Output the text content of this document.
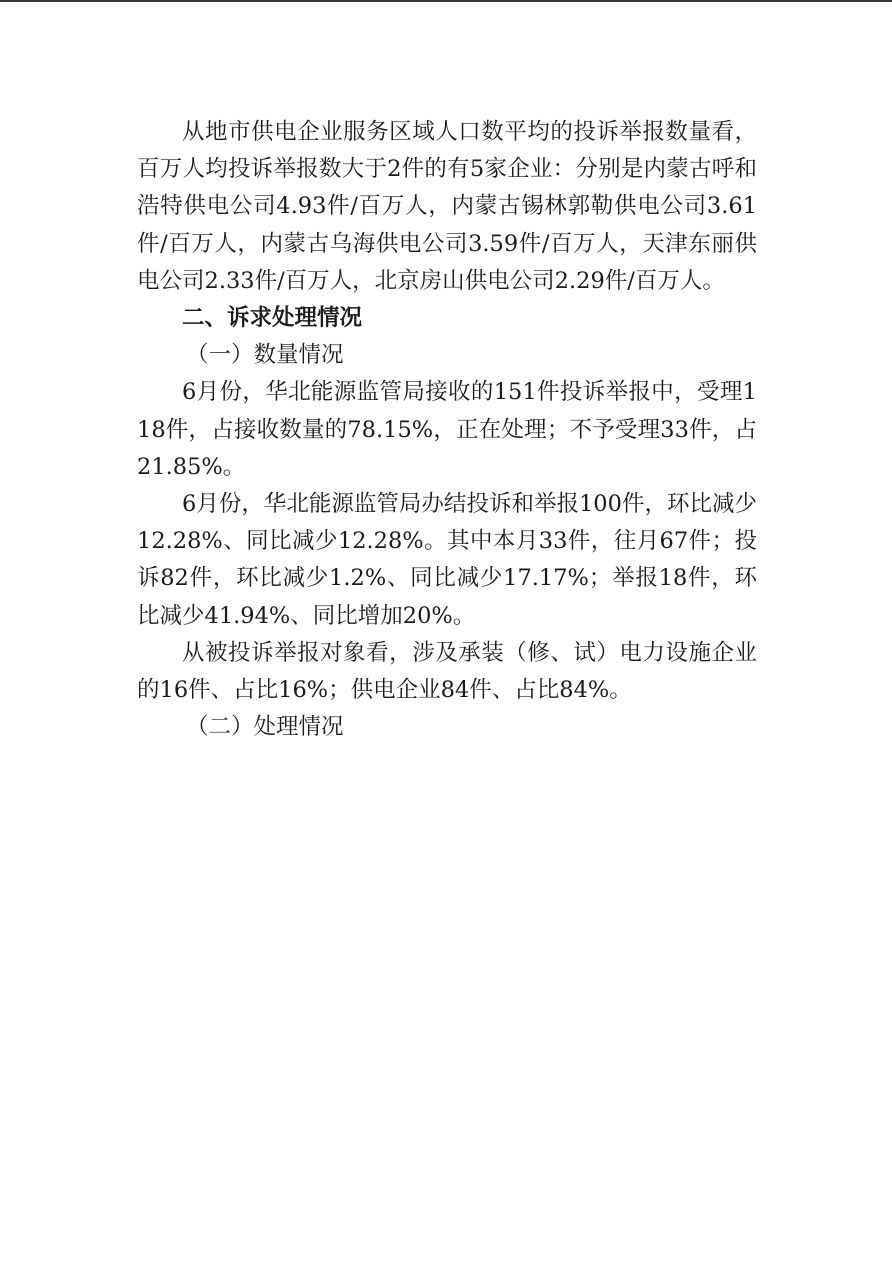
从地市供电企业服务区域人口数平均的投诉举报数量看，百万人均投诉举报数大于2件的有5家企业：分别是内蒙古呼和浩特供电公司4.93件/百万人，内蒙古锡林郭勒供电公司3.61件/百万人，内蒙古乌海供电公司3.59件/百万人，天津东丽供电公司2.33件/百万人，北京房山供电公司2.29件/百万人。

二、诉求处理情况

（一）数量情况

6月份，华北能源监管局接收的151件投诉举报中，受理118件，占接收数量的78.15%，正在处理；不予受理33件，占21.85%。

6月份，华北能源监管局办结投诉和举报100件，环比减少12.28%、同比减少12.28%。其中本月33件，往月67件；投诉82件，环比减少1.2%、同比减少17.17%；举报18件，环比减少41.94%、同比增加20%。

从被投诉举报对象看，涉及承装（修、试）电力设施企业的16件、占比16%；供电企业84件、占比84%。

（二）处理情况
